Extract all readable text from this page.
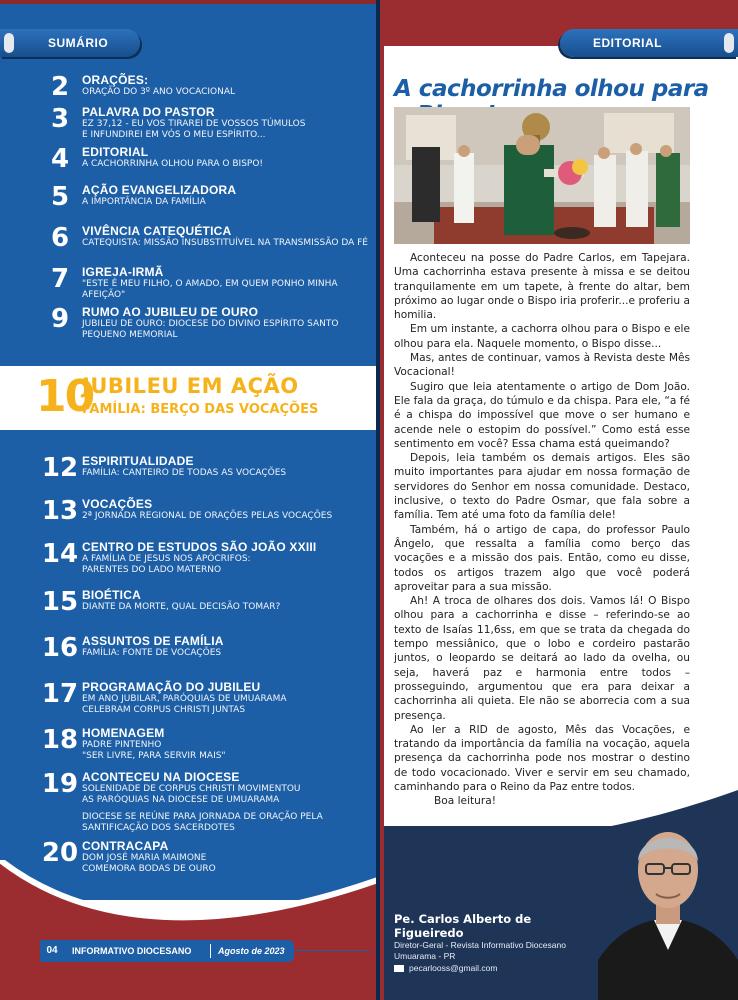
SUMÁRIO
2	ORAÇÕES:
ORAÇÃO DO 3º ANO VOCACIONAL
3	PALAVRA DO PASTOR
EZ 37,12 - EU VOS TIRAREI DE VOSSOS TÚMULOS
E INFUNDIREI EM VÓS O MEU ESPÍRITO...
4	EDITORIAL
A CACHORRINHA OLHOU PARA O BISPO!
5	AÇÃO EVANGELIZADORA
A IMPORTÂNCIA DA FAMÍLIA
6	VIVÊNCIA CATEQUÉTICA
CATEQUISTA: MISSÃO INSUBSTITUÍVEL NA TRANSMISSÃO DA FÉ
7	IGREJA-IRMÃ
"ESTE É MEU FILHO, O AMADO, EM QUEM PONHO MINHA AFEIÇÃO"
9	RUMO AO JUBILEU DE OURO
JUBILEU DE OURO: DIOCESE DO DIVINO ESPÍRITO SANTO
PEQUENO MEMORIAL
10
JUBILEU EM AÇÃO
FAMÍLIA: BERÇO DAS VOCAÇÕES
12 ESPIRITUALIDADE
FAMÍLIA: CANTEIRO DE TODAS AS VOCAÇÕES
13 VOCAÇÕES
2ª JORNADA REGIONAL DE ORAÇÕES PELAS VOCAÇÕES
14 CENTRO DE ESTUDOS SÃO JOÃO XXIII
A FAMÍLIA DE JESUS NOS APÓCRIFOS:
PARENTES DO LADO MATERNO
15 BIOÉTICA
DIANTE DA MORTE, QUAL DECISÃO TOMAR?
16 ASSUNTOS DE FAMÍLIA
FAMÍLIA: FONTE DE VOCAÇÕES
17 PROGRAMAÇÃO DO JUBILEU
EM ANO JUBILAR, PARÓQUIAS DE UMUARAMA
CELEBRAM CORPUS CHRISTI JUNTAS
18 HOMENAGEM
PADRE PINTENHO
"SER LIVRE, PARA SERVIR MAIS"
19 ACONTECEU NA DIOCESE
SOLENIDADE DE CORPUS CHRISTI MOVIMENTOU
AS PARÓQUIAS NA DIOCESE DE UMUARAMA
DIOCESE SE REÚNE PARA JORNADA DE ORAÇÃO PELA
SANTIFICAÇÃO DOS SACERDOTES
20 CONTRACAPA
DOM JOSÉ MARIA MAIMONE
COMEMORA BODAS DE OURO
04	INFORMATIVO DIOCESANO	Agosto de 2023
EDITORIAL
A cachorrinha olhou para

Aconteceu na posse do Padre Carlos, em Tapejara. Uma cachorrinha estava presente à missa e se deitou tranquilamente em um tapete, à frente do altar, bem próximo ao lugar onde o Bispo iria proferir...e proferiu a homilia.

Em um instante, a cachorra olhou para o Bispo e ele olhou para ela. Naquele momento, o Bispo disse...

Mas, antes de continuar, vamos à Revista deste Mês Vocacional!

Sugiro que leia atentamente o artigo de Dom João. Ele fala da graça, do túmulo e da chispa. Para ele, “a fé é a chispa do impossível que move o ser humano e acende nele o estopim do possível.” Como está esse sentimento em você? Essa chama está queimando?

Depois, leia também os demais artigos. Eles são muito importantes para ajudar em nossa formação de servidores do Senhor em nossa comunidade. Destaco, inclusive, o texto do Padre Osmar, que fala sobre a família. Tem até uma foto da família dele!

Também, há o artigo de capa, do professor Paulo Ângelo, que ressalta a família como berço das vocações e a missão dos pais. Então, como eu disse, todos os artigos trazem algo que você poderá aproveitar para a sua missão.

Ah! A troca de olhares dos dois. Vamos lá! O Bispo olhou para a cachorrinha e disse – referindo-se ao texto de Isaías 11,6ss, em que se trata da chegada do tempo messiânico, que o lobo e cordeiro pastarão juntos, o leopardo se deitará ao lado da ovelha, ou seja, haverá paz e harmonia entre todos – prosseguindo, argumentou que era para deixar a cachorrinha ali quieta. Ele não se aborrecia com a sua presença.

Ao ler a RID de agosto, Mês das Vocações, e tratando da importância da família na vocação, aquela presença da cachorrinha pode nos mostrar o destino de todo vocacionado. Viver e servir em seu chamado, caminhando para o Reino da Paz entre todos.

Boa leitura!

Pe. Carlos Alberto de Figueiredo
Diretor-Geral - Revista Informativo Diocesano
Umuarama - PR
pecarlooss@gmail.com
